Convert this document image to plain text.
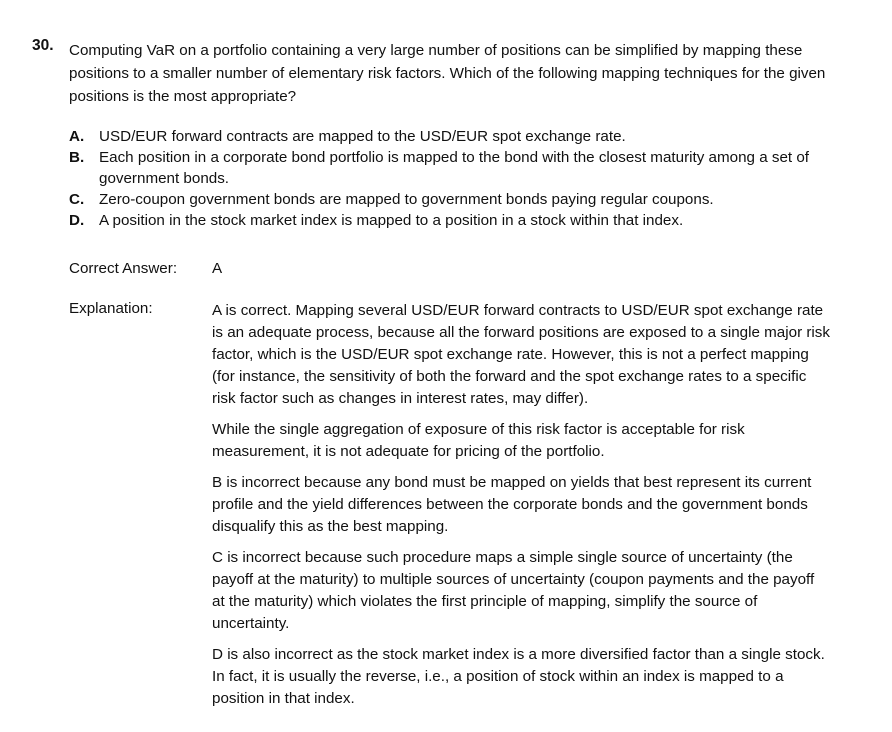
30. Computing VaR on a portfolio containing a very large number of positions can be simplified by mapping these positions to a smaller number of elementary risk factors. Which of the following mapping techniques for the given positions is the most appropriate?
A. USD/EUR forward contracts are mapped to the USD/EUR spot exchange rate.
B. Each position in a corporate bond portfolio is mapped to the bond with the closest maturity among a set of government bonds.
C. Zero-coupon government bonds are mapped to government bonds paying regular coupons.
D. A position in the stock market index is mapped to a position in a stock within that index.
Correct Answer: A
Explanation:	A is correct. Mapping several USD/EUR forward contracts to USD/EUR spot exchange rate is an adequate process, because all the forward positions are exposed to a single major risk factor, which is the USD/EUR spot exchange rate. However, this is not a perfect mapping (for instance, the sensitivity of both the forward and the spot exchange rates to a specific risk factor such as changes in interest rates, may differ).

While the single aggregation of exposure of this risk factor is acceptable for risk measurement, it is not adequate for pricing of the portfolio.

B is incorrect because any bond must be mapped on yields that best represent its current profile and the yield differences between the corporate bonds and the government bonds disqualify this as the best mapping.

C is incorrect because such procedure maps a simple single source of uncertainty (the payoff at the maturity) to multiple sources of uncertainty (coupon payments and the payoff at the maturity) which violates the first principle of mapping, simplify the source of uncertainty.

D is also incorrect as the stock market index is a more diversified factor than a single stock. In fact, it is usually the reverse, i.e., a position of stock within an index is mapped to a position in that index.
